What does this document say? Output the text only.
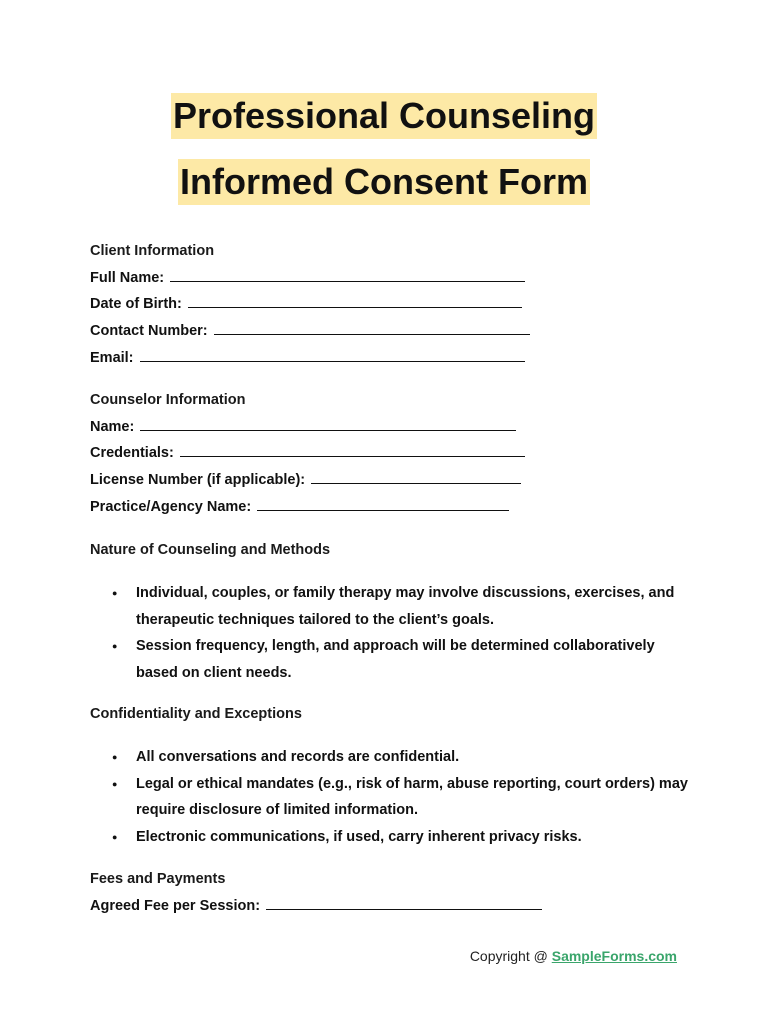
Professional Counseling
Informed Consent Form
Client Information
Full Name:
Date of Birth:
Contact Number:
Email:
Counselor Information
Name:
Credentials:
License Number (if applicable):
Practice/Agency Name:
Nature of Counseling and Methods
● Individual, couples, or family therapy may involve discussions, exercises, and therapeutic techniques tailored to the client’s goals.
● Session frequency, length, and approach will be determined collaboratively based on client needs.
Confidentiality and Exceptions
● All conversations and records are confidential.
● Legal or ethical mandates (e.g., risk of harm, abuse reporting, court orders) may require disclosure of limited information.
● Electronic communications, if used, carry inherent privacy risks.
Fees and Payments
Agreed Fee per Session:
Copyright @ SampleForms.com
